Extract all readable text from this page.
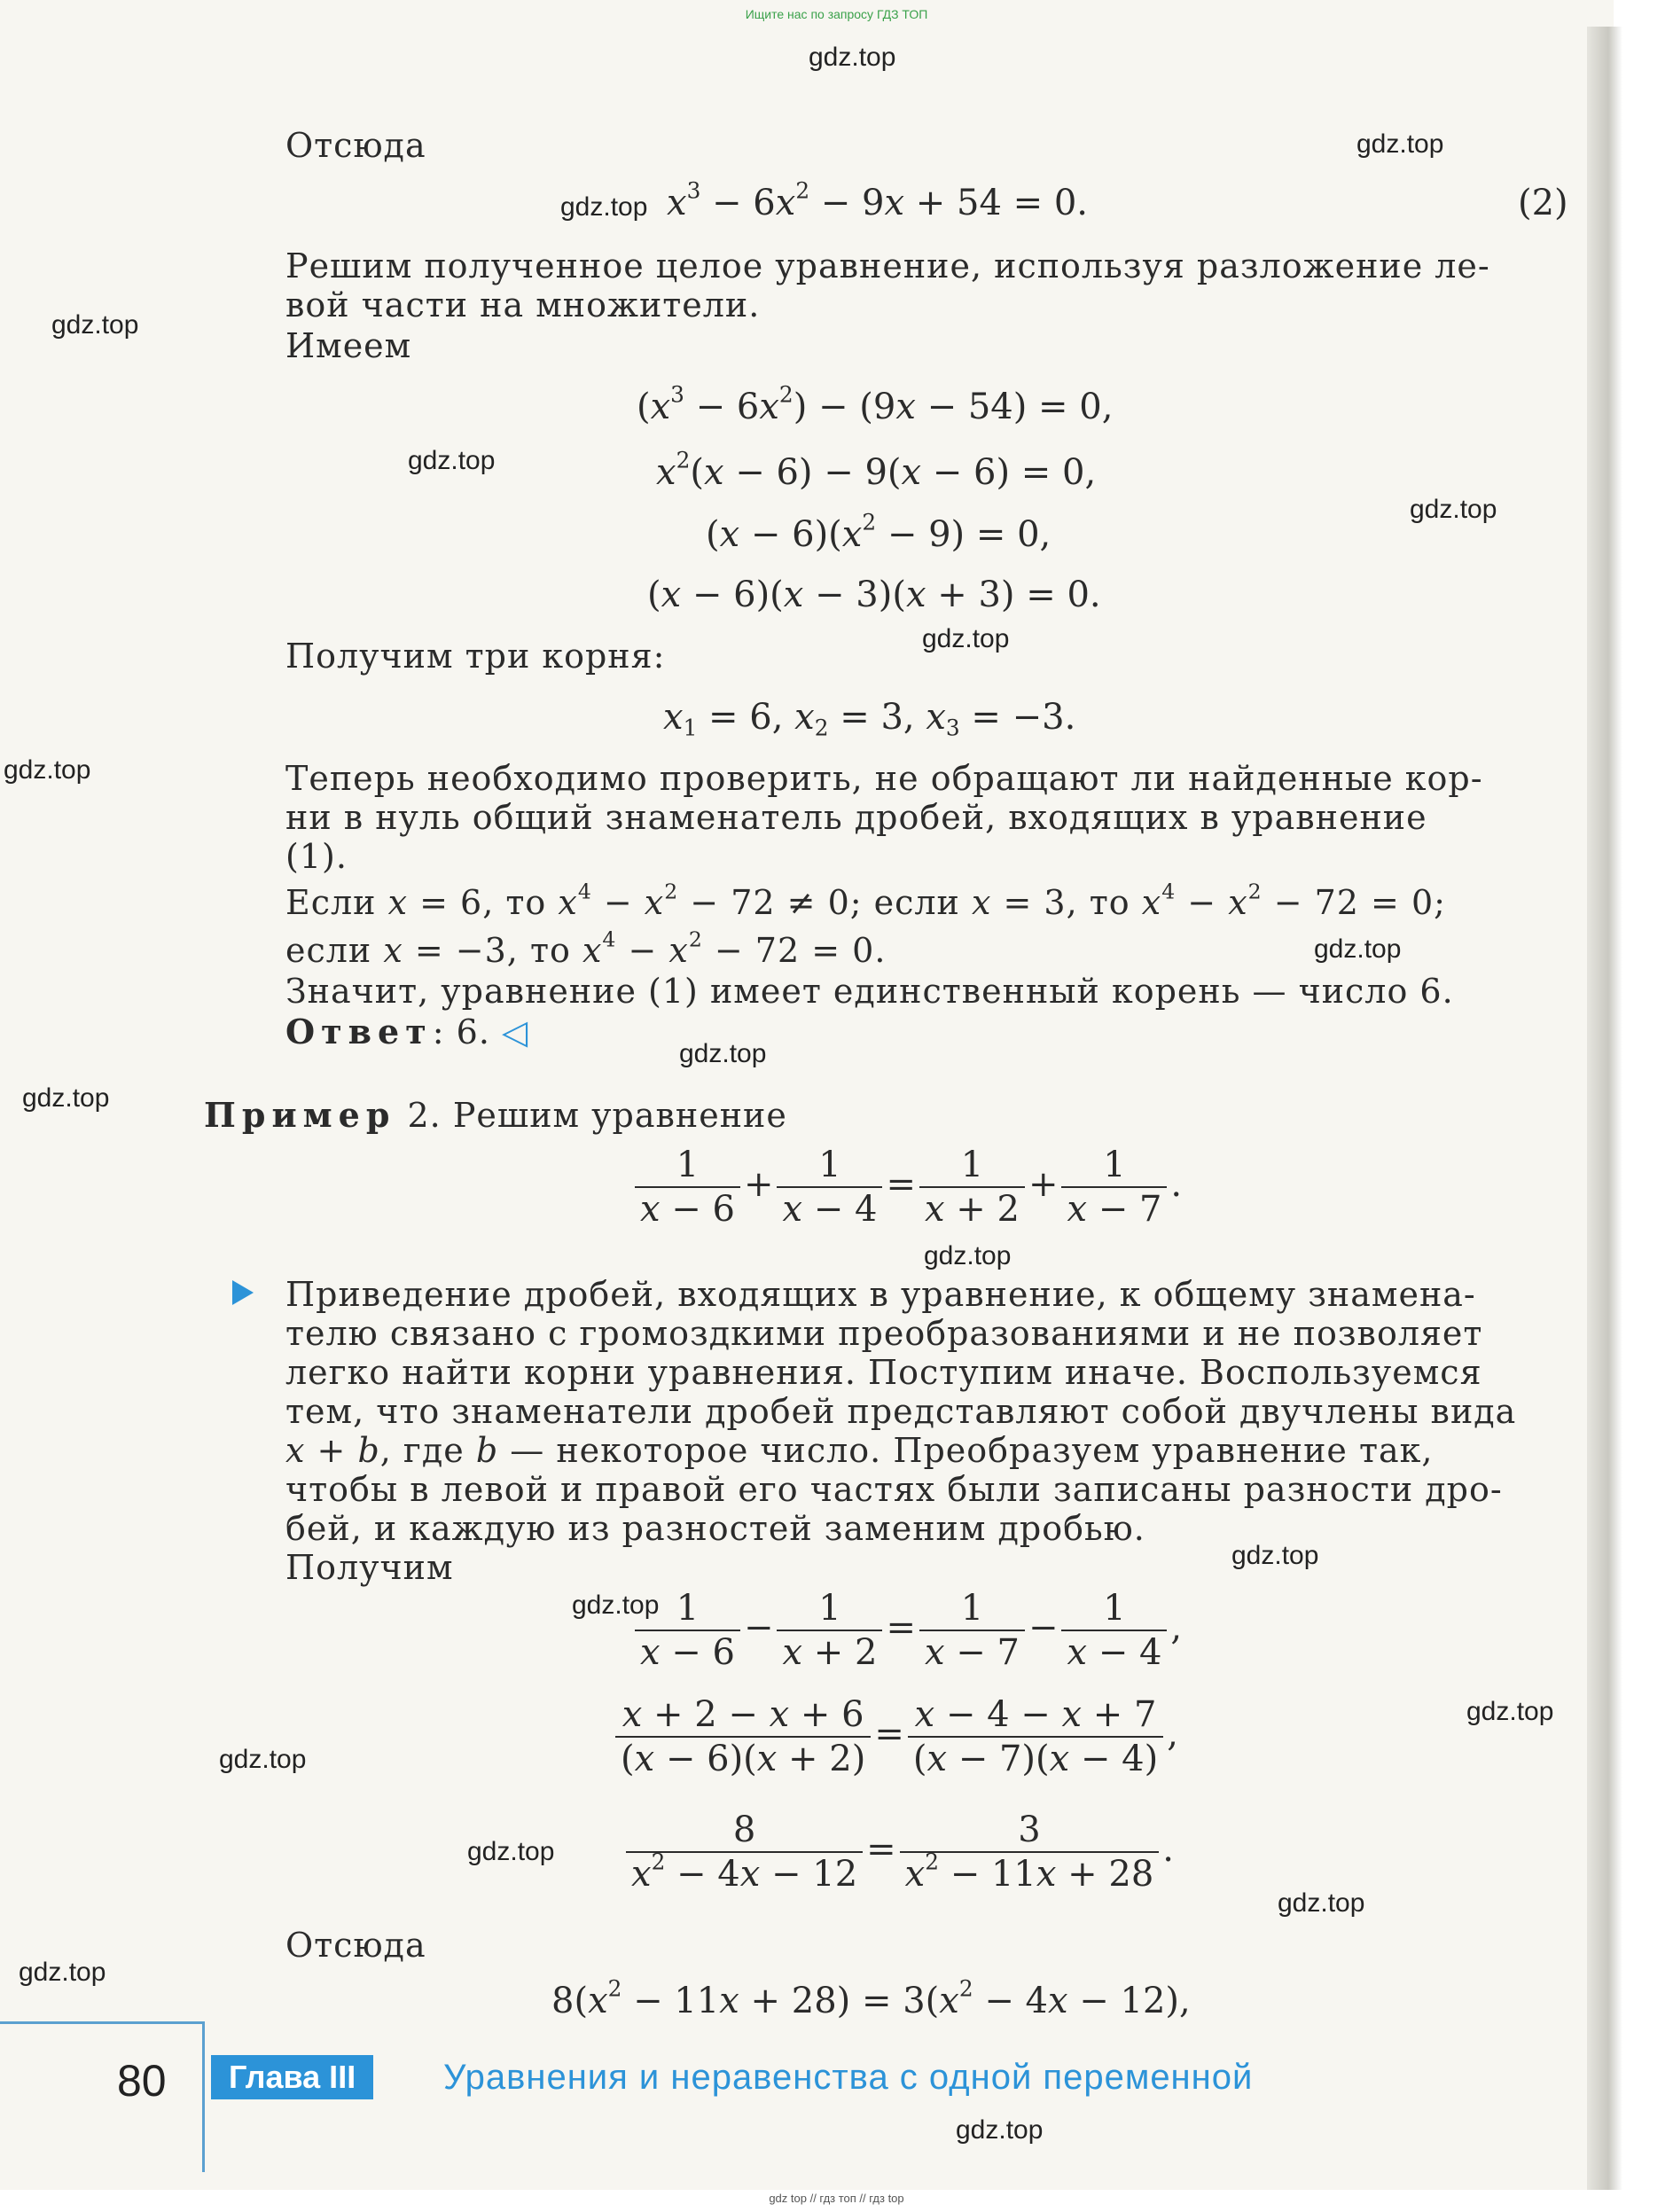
Ищите нас по запросу ГДЗ ТОП
gdz.top
gdz.top
gdz.top
gdz.top
gdz.top
gdz.top
gdz.top
gdz.top
gdz.top
gdz.top
gdz.top
gdz.top
gdz.top
gdz.top
gdz.top
gdz.top
gdz.top
gdz.top
gdz.top
gdz.top
Отсюда
$x^3 - 6x^2 - 9x + 54 = 0$.	(2)
Решим полученное целое уравнение, используя разложение ле-
вой части на множители.
Имеем
$(x^3 - 6x^2) - (9x - 54) = 0$,
$x^2(x - 6) - 9(x - 6) = 0$,
$(x - 6)(x^2 - 9) = 0$,
(x − 6)(x − 3)(x + 3) = 0.
Получим три корня:
$x_1 = 6$, $x_2 = 3$, $x_3 = -3$.
Теперь необходимо проверить, не обращают ли найденные кор-
ни в нуль общий знаменатель дробей, входящих в уравнение
(1).
Если x = 6, то $x^4 - x^2 - 72 \ne 0$; если x = 3, то $x^4 - x^2 - 72 = 0$;
если x = −3, то $x^4 - x^2 - 72 = 0$.
Значит, уравнение (1) имеет единственный корень — число 6.
Ответ: 6. ◁
Пример 2. Решим уравнение
$\frac{1}{x - 6} + \frac{1}{x - 4} = \frac{1}{x + 2} + \frac{1}{x - 7}$ .
Приведение дробей, входящих в уравнение, к общему знамена-
телю связано с громоздкими преобразованиями и не позволяет
легко найти корни уравнения. Поступим иначе. Воспользуемся
тем, что знаменатели дробей представляют собой двучлены вида
x + b, где b — некоторое число. Преобразуем уравнение так,
чтобы в левой и правой его частях были записаны разности дро-
бей, и каждую из разностей заменим дробью.
Получим
$\frac{1}{x - 6} - \frac{1}{x + 2} = \frac{1}{x - 7} - \frac{1}{x - 4}$ ,
$\frac{x + 2 - x + 6}{(x - 6)(x + 2)} = \frac{x - 4 - x + 7}{(x - 7)(x - 4)}$ ,
$\frac{8}{x^2 - 4x - 12} = \frac{3}{x^2 - 11x + 28}$ .
Отсюда
$8(x^2 - 11x + 28) = 3(x^2 - 4x - 12)$,
80	Глава III	Уравнения и неравенства с одной переменной
gdz top // гдз топ // гдз top
